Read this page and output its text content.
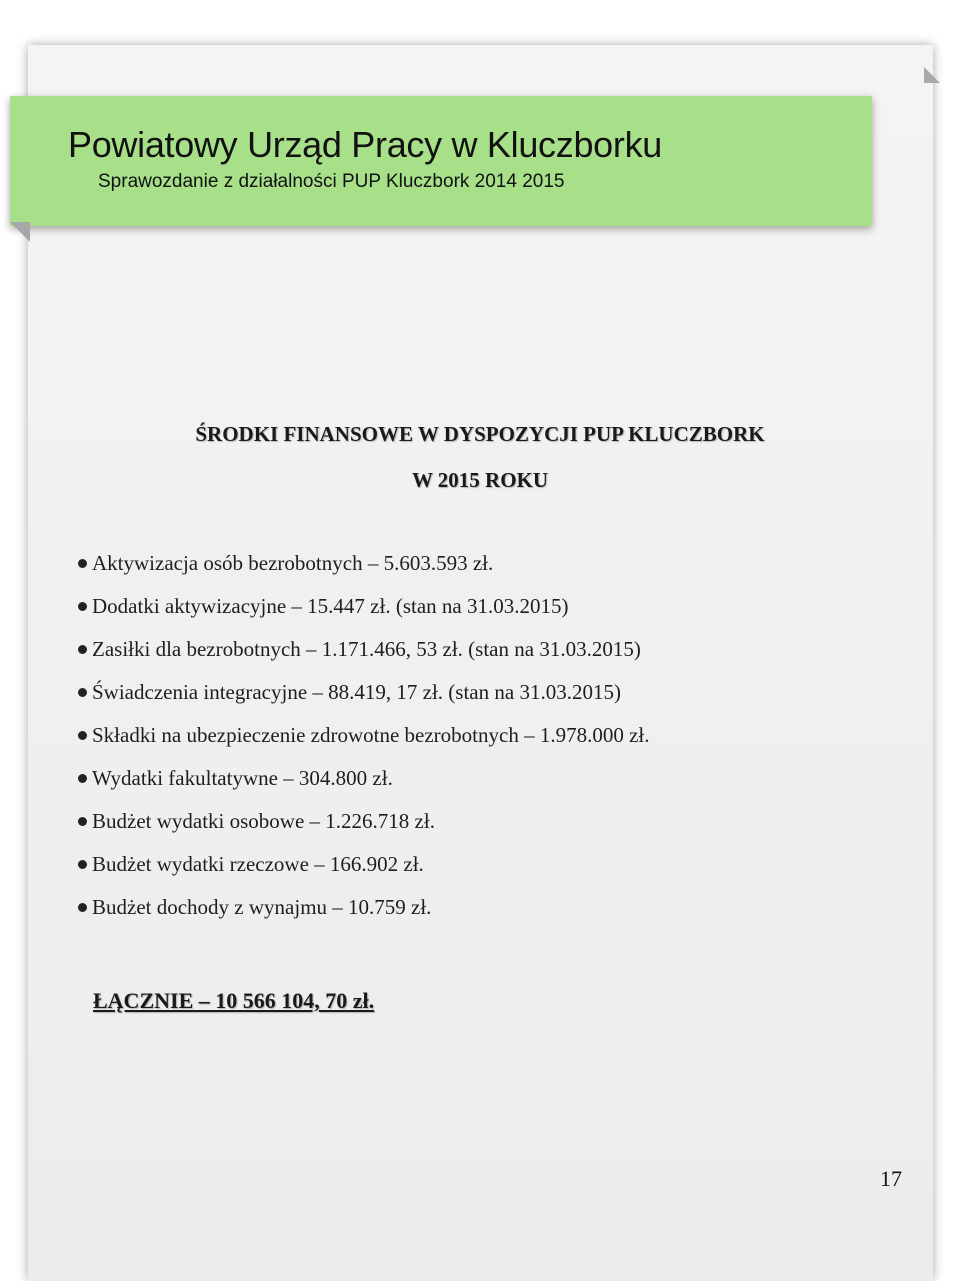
Powiatowy Urząd Pracy w Kluczborku
Sprawozdanie z działalności PUP Kluczbork 2014 2015
ŚRODKI FINANSOWE W DYSPOZYCJI PUP KLUCZBORK
W 2015 ROKU
Aktywizacja osób bezrobotnych – 5.603.593 zł.
Dodatki aktywizacyjne – 15.447 zł. (stan na 31.03.2015)
Zasiłki dla bezrobotnych – 1.171.466, 53 zł. (stan na 31.03.2015)
Świadczenia integracyjne – 88.419, 17 zł. (stan na 31.03.2015)
Składki na ubezpieczenie zdrowotne bezrobotnych – 1.978.000 zł.
Wydatki fakultatywne – 304.800 zł.
Budżet wydatki osobowe – 1.226.718 zł.
Budżet wydatki rzeczowe – 166.902 zł.
Budżet dochody z wynajmu – 10.759 zł.
ŁĄCZNIE – 10 566 104, 70 zł.
17
